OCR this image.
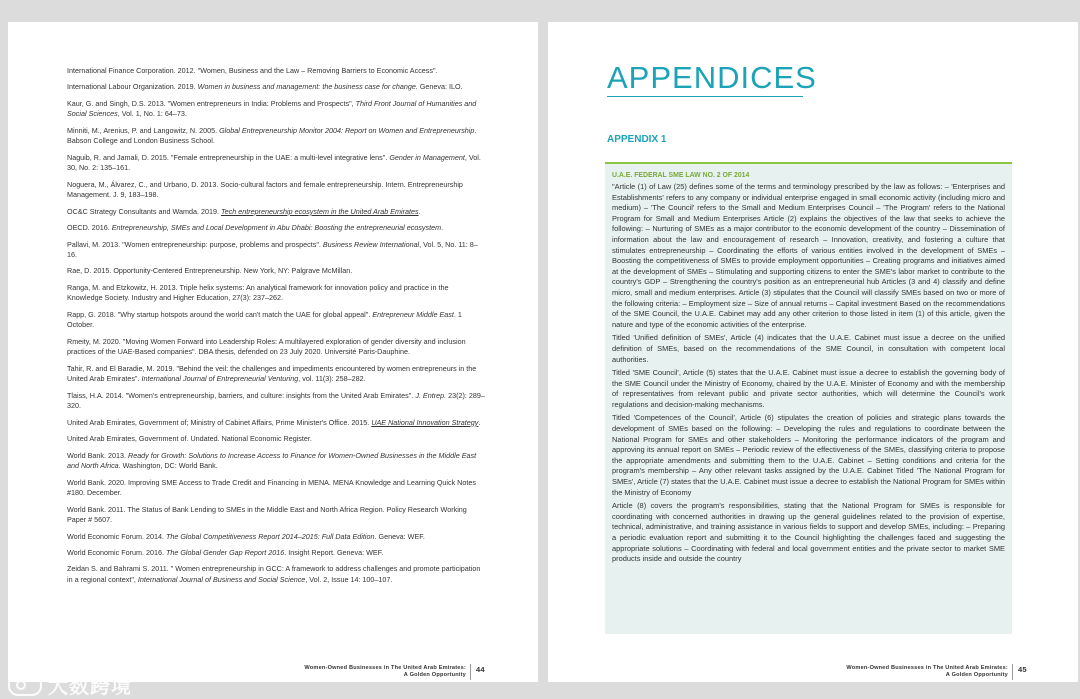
International Finance Corporation. 2012. "Women, Business and the Law – Removing Barriers to Economic Access".

International Labour Organization. 2019. Women in business and management: the business case for change. Geneva: ILO.

Kaur, G. and Singh, D.S. 2013. "Women entrepreneurs in India: Problems and Prospects", Third Front Journal of Humanities and Social Sciences, Vol. 1, No. 1: 64–73.

Minniti, M., Arenius, P. and Langowitz, N. 2005. Global Entrepreneurship Monitor 2004: Report on Women and Entrepreneurship. Babson College and London Business School.

Naguib, R. and Jamali, D. 2015. "Female entrepreneurship in the UAE: a multi-level integrative lens". Gender in Management, Vol. 30, No. 2: 135–161.

Noguera, M., Álvarez, C., and Urbano, D. 2013. Socio-cultural factors and female entrepreneurship. Intern. Entrepreneurship Management. J. 9, 183–198.

OC&C Strategy Consultants and Wamda. 2019. Tech entrepreneurship ecosystem in the United Arab Emirates.

OECD. 2016. Entrepreneurship, SMEs and Local Development in Abu Dhabi: Boosting the entrepreneurial ecosystem.

Pallavi, M. 2013. "Women entrepreneurship: purpose, problems and prospects". Business Review International, Vol. 5, No. 11: 8–16.

Rae, D. 2015. Opportunity-Centered Entrepreneurship. New York, NY: Palgrave McMillan.

Ranga, M. and Etzkowitz, H. 2013. Triple helix systems: An analytical framework for innovation policy and practice in the Knowledge Society. Industry and Higher Education, 27(3): 237–262.

Rapp, G. 2018. "Why startup hotspots around the world can't match the UAE for global appeal". Entrepreneur Middle East. 1 October.

Rmeity, M. 2020. "Moving Women Forward into Leadership Roles: A multilayered exploration of gender diversity and inclusion practices of the UAE-Based companies". DBA thesis, defended on 23 July 2020. Université Paris-Dauphine.

Tahir, R. and El Baradie, M. 2019. "Behind the veil: the challenges and impediments encountered by women entrepreneurs in the United Arab Emirates". International Journal of Entrepreneurial Venturing, vol. 11(3): 258–282.

Tlaiss, H.A. 2014. "Women's entrepreneurship, barriers, and culture: insights from the United Arab Emirates". J. Entrep. 23(2): 289–320.

United Arab Emirates, Government of; Ministry of Cabinet Affairs, Prime Minister's Office. 2015. UAE National Innovation Strategy.

United Arab Emirates, Government of. Undated. National Economic Register.

World Bank. 2013. Ready for Growth: Solutions to Increase Access to Finance for Women-Owned Businesses in the Middle East and North Africa. Washington, DC: World Bank.

World Bank. 2020. Improving SME Access to Trade Credit and Financing in MENA. MENA Knowledge and Learning Quick Notes #180. December.

World Bank. 2011. The Status of Bank Lending to SMEs in the Middle East and North Africa Region. Policy Research Working Paper # 5607.

World Economic Forum. 2014. The Global Competitiveness Report 2014–2015: Full Data Edition. Geneva: WEF.

World Economic Forum. 2016. The Global Gender Gap Report 2016. Insight Report. Geneva: WEF.

Zeidan S. and Bahrami S. 2011. " Women entrepreneurship in GCC: A framework to address challenges and promote participation in a regional context", International Journal of Business and Social Science, Vol. 2, Issue 14: 100–107.

Women-Owned Businesses in The United Arab Emirates:
A Golden Opportunity
44
APPENDICES
APPENDIX 1

U.A.E. FEDERAL SME LAW NO. 2 OF 2014

"Article (1) of Law (25) defines some of the terms and terminology prescribed by the law as follows: – 'Enterprises and Establishments' refers to any company or individual enterprise engaged in small economic activity (including micro and medium) – 'The Council' refers to the Small and Medium Enterprises Council – 'The Program' refers to the National Program for Small and Medium Enterprises Article (2) explains the objectives of the law that seeks to achieve the following: – Nurturing of SMEs as a major contributor to the economic development of the country – Dissemination of information about the law and encouragement of research – Innovation, creativity, and fostering a culture that stimulates entrepreneurship – Coordinating the efforts of various entities involved in the development of SMEs – Boosting the competitiveness of SMEs to provide employment opportunities – Creating programs and initiatives aimed at the development of SMEs – Stimulating and supporting citizens to enter the SME's labor market to contribute to the country's GDP – Strengthening the country's position as an entrepreneurial hub Articles (3 and 4) classify and define micro, small and medium enterprises. Article (3) stipulates that the Council will classify SMEs based on two or more of the following criteria: – Employment size – Size of annual returns – Capital investment Based on the recommendations of the SME Council, the U.A.E. Cabinet may add any other criterion to those listed in item (1) of this article, given the nature and type of the economic activities of the enterprise.

Titled 'Unified definition of SMEs', Article (4) indicates that the U.A.E. Cabinet must issue a decree on the unified definition of SMEs, based on the recommendations of the SME Council, in consultation with competent local authorities.

Titled 'SME Council', Article (5) states that the U.A.E. Cabinet must issue a decree to establish the governing body of the SME Council under the Ministry of Economy, chaired by the U.A.E. Minister of Economy and with the membership of representatives from relevant public and private sector authorities, which will determine the Council's work regulations and decision-making mechanisms.

Titled 'Competences of the Council', Article (6) stipulates the creation of policies and strategic plans towards the development of SMEs based on the following: – Developing the rules and regulations to coordinate between the National Program for SMEs and other stakeholders – Monitoring the performance indicators of the program and approving its annual report on SMEs – Periodic review of the effectiveness of the SMEs, classifying criteria to propose the appropriate amendments and submitting them to the U.A.E. Cabinet – Setting conditions and criteria for the program's membership – Any other relevant tasks assigned by the U.A.E. Cabinet Titled 'The National Program for SMEs', Article (7) states that the U.A.E. Cabinet must issue a decree to establish the National Program for SMEs within the Ministry of Economy

Article (8) covers the program's responsibilities, stating that the National Program for SMEs is responsible for coordinating with concerned authorities in drawing up the general guidelines related to the provision of expertise, technical, administrative, and training assistance in various fields to support and develop SMEs, including: – Preparing a periodic evaluation report and submitting it to the Council highlighting the challenges faced and suggesting the appropriate solutions – Coordinating with federal and local government entities and the private sector to market SME products inside and outside the country

Women-Owned Businesses in The United Arab Emirates:
A Golden Opportunity
45
大数跨境
